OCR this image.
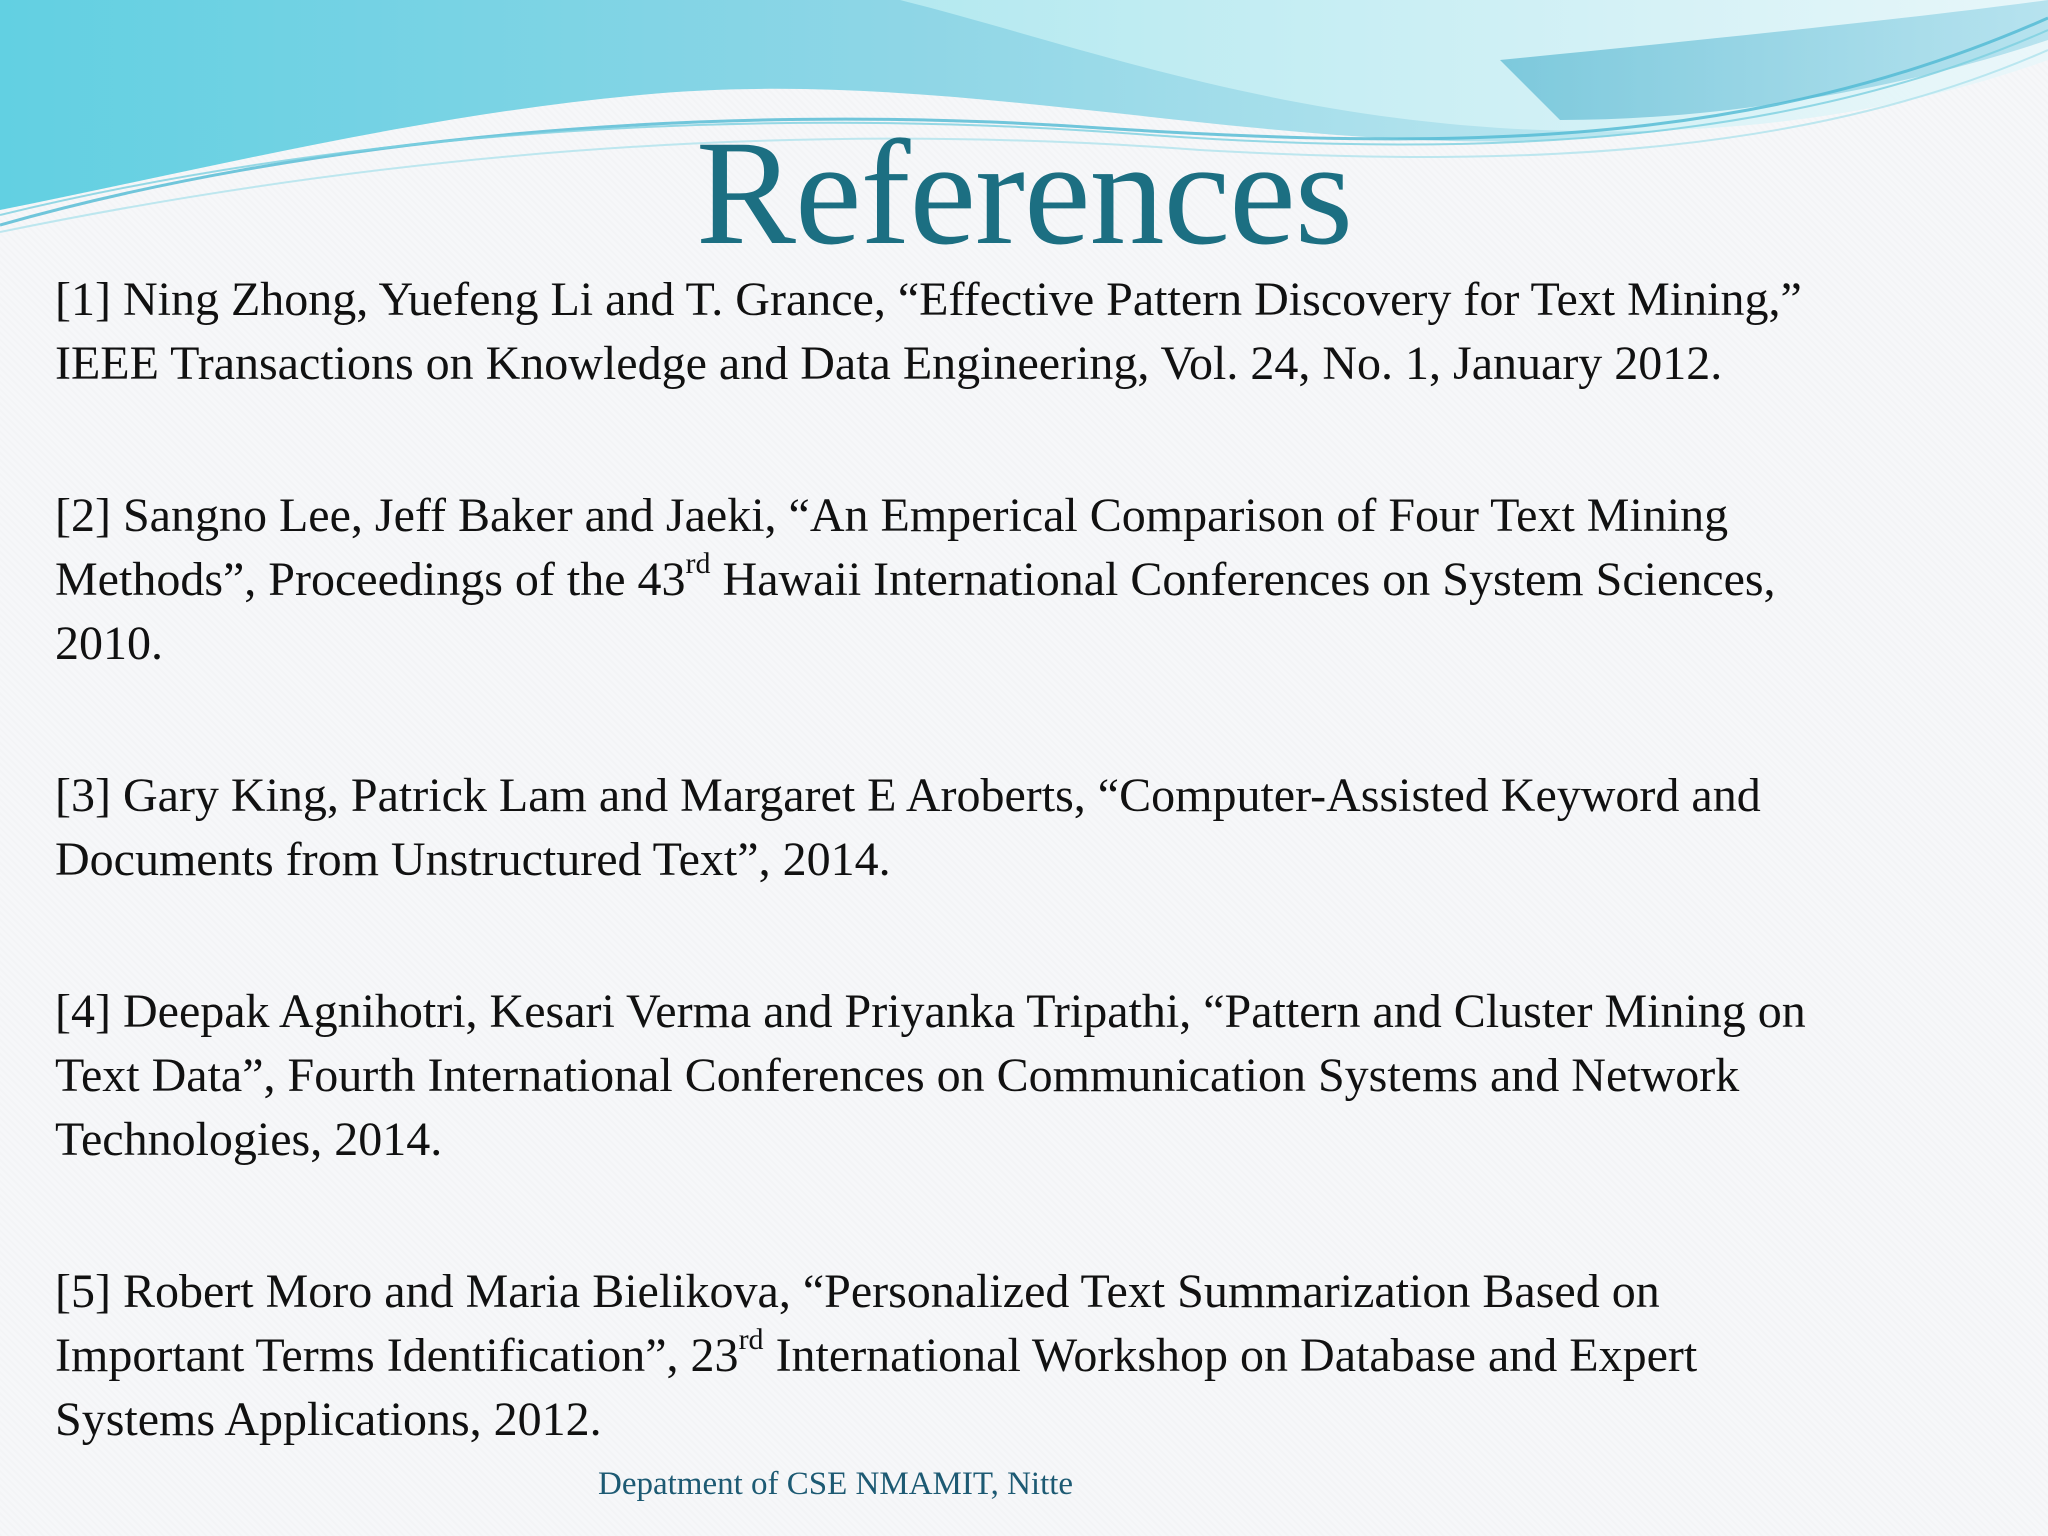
References
[1] Ning Zhong, Yuefeng Li and T. Grance, “Effective Pattern Discovery for Text Mining,”
IEEE Transactions on Knowledge and Data Engineering, Vol. 24, No. 1, January 2012.
[2] Sangno Lee, Jeff Baker and Jaeki, “An Emperical Comparison of Four Text Mining
Methods”, Proceedings of the 43rd Hawaii International Conferences on System Sciences,
2010.
[3] Gary King, Patrick Lam and Margaret E Aroberts, “Computer-Assisted Keyword and
Documents from Unstructured Text”, 2014.
[4] Deepak Agnihotri, Kesari Verma and Priyanka Tripathi, “Pattern and Cluster Mining on
Text Data”, Fourth International Conferences on Communication Systems and Network
Technologies, 2014.
[5] Robert Moro and Maria Bielikova, “Personalized Text Summarization Based on
Important Terms Identification”, 23rd International Workshop on Database and Expert
Systems Applications, 2012.
Depatment of CSE NMAMIT, Nitte
